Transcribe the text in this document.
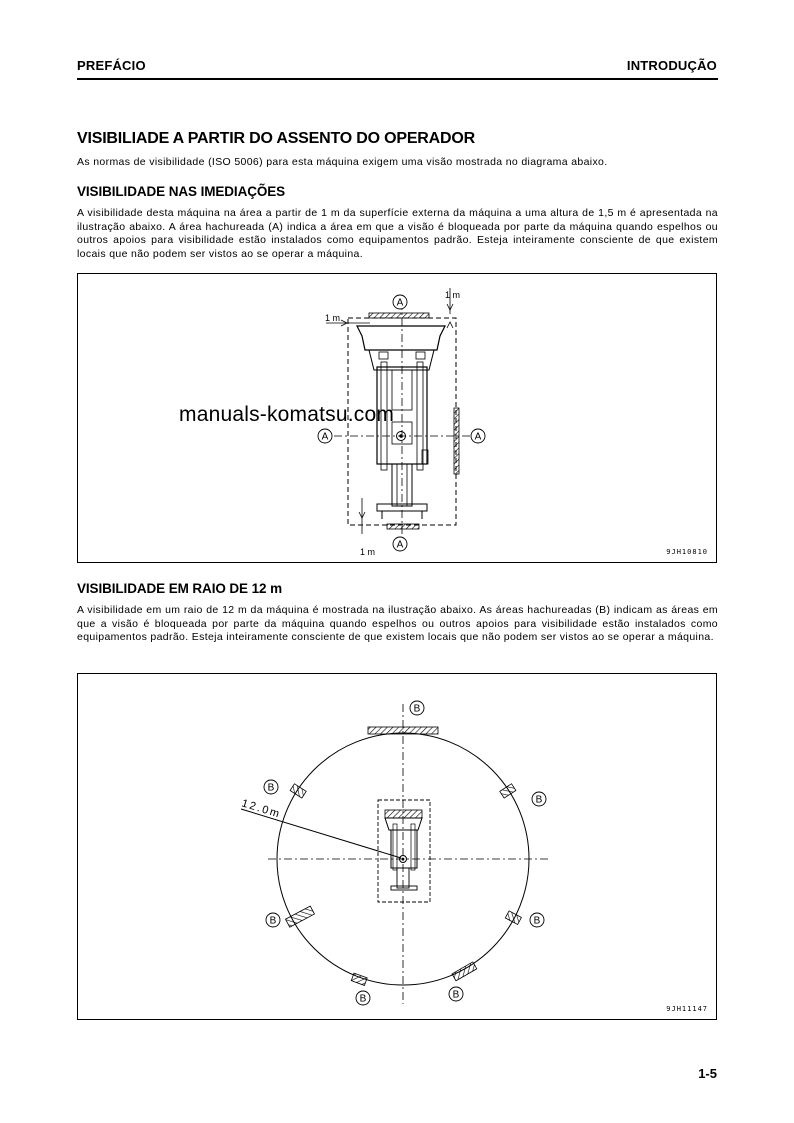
PREFÁCIO	INTRODUÇÃO
VISIBILIADE A PARTIR DO ASSENTO DO OPERADOR

As normas de visibilidade (ISO 5006) para esta máquina exigem uma visão mostrada no diagrama abaixo.

VISIBILIDADE NAS IMEDIAÇÕES

A visibilidade desta máquina na área a partir de 1 m da superfície externa da máquina a uma altura de 1,5 m é apresentada na ilustração abaixo. A área hachureada (A) indica a área em que a visão é bloqueada por parte da máquina quando espelhos ou outros apoios para visibilidade estão instalados como equipamentos padrão. Esteja inteiramente consciente de que existem locais que não podem ser vistos ao se operar a máquina.

A
A	A
A
1 m
1 m
1 m	9JH10810
manuals-komatsu.com
VISIBILIDADE EM RAIO DE 12 m

A visibilidade em um raio de 12 m da máquina é mostrada na ilustração abaixo. As áreas hachureadas (B) indicam as áreas em que a visão é bloqueada por parte da máquina quando espelhos ou outros apoios para visibilidade estão instalados como equipamentos padrão. Esteja inteiramente consciente de que existem locais que não podem ser vistos ao se operar a máquina.

12.0m
B
B
B
B	B
B	B
9JH11147
1-5
